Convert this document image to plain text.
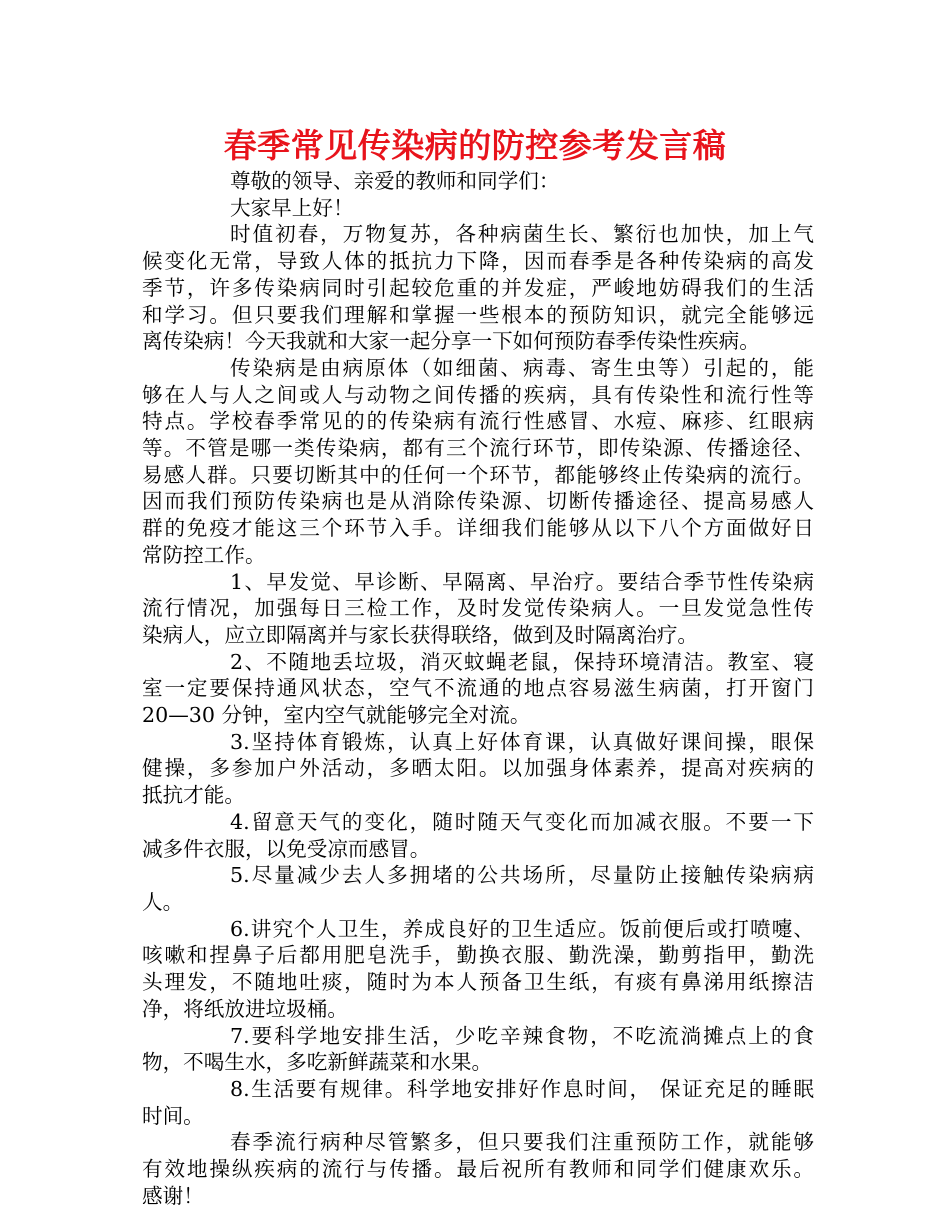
春季常见传染病的防控参考发言稿
尊敬的领导、亲爱的教师和同学们：
大家早上好！
时值初春，万物复苏，各种病菌生长、繁衍也加快，加上气
候变化无常，导致人体的抵抗力下降，因而春季是各种传染病的高发
季节，许多传染病同时引起较危重的并发症，严峻地妨碍我们的生活
和学习。但只要我们理解和掌握一些根本的预防知识，就完全能够远
离传染病！今天我就和大家一起分享一下如何预防春季传染性疾病。
传染病是由病原体（如细菌、病毒、寄生虫等）引起的，能
够在人与人之间或人与动物之间传播的疾病，具有传染性和流行性等
特点。学校春季常见的的传染病有流行性感冒、水痘、麻疹、红眼病
等。不管是哪一类传染病，都有三个流行环节，即传染源、传播途径、
易感人群。只要切断其中的任何一个环节，都能够终止传染病的流行。
因而我们预防传染病也是从消除传染源、切断传播途径、提高易感人
群的免疫才能这三个环节入手。详细我们能够从以下八个方面做好日
常防控工作。
1、早发觉、早诊断、早隔离、早治疗。要结合季节性传染病
流行情况，加强每日三检工作，及时发觉传染病人。一旦发觉急性传
染病人，应立即隔离并与家长获得联络，做到及时隔离治疗。
2、不随地丢垃圾，消灭蚊蝇老鼠，保持环境清洁。教室、寝
室一定要保持通风状态，空气不流通的地点容易滋生病菌，打开窗门
20—30 分钟，室内空气就能够完全对流。
3.坚持体育锻炼，认真上好体育课，认真做好课间操，眼保
健操，多参加户外活动，多晒太阳。以加强身体素养，提高对疾病的
抵抗才能。
4.留意天气的变化，随时随天气变化而加减衣服。不要一下
减多件衣服，以免受凉而感冒。
5.尽量减少去人多拥堵的公共场所，尽量防止接触传染病病
人。
6.讲究个人卫生，养成良好的卫生适应。饭前便后或打喷嚏、
咳嗽和捏鼻子后都用肥皂洗手，勤换衣服、勤洗澡，勤剪指甲，勤洗
头理发，不随地吐痰，随时为本人预备卫生纸，有痰有鼻涕用纸擦洁
净，将纸放进垃圾桶。
7.要科学地安排生活，少吃辛辣食物，不吃流淌摊点上的食
物，不喝生水，多吃新鲜蔬菜和水果。
8.生活要有规律。科学地安排好作息时间， 保证充足的睡眠
时间。
春季流行病种尽管繁多，但只要我们注重预防工作，就能够
有效地操纵疾病的流行与传播。最后祝所有教师和同学们健康欢乐。
感谢！
